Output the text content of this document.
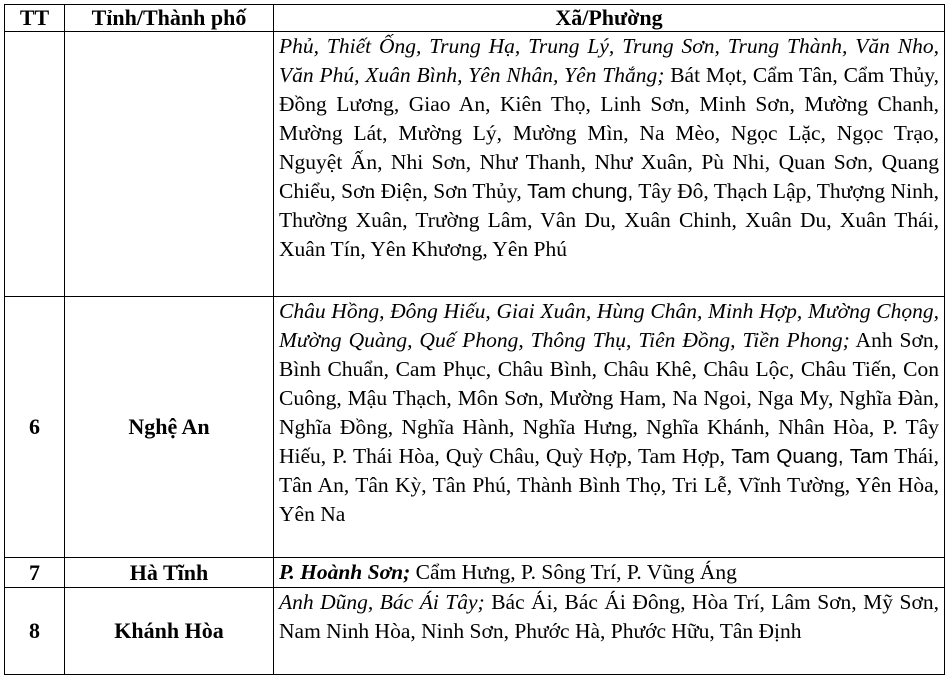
TT	Tỉnh/Thành phố	Xã/Phường
		Phủ, Thiết Ống, Trung Hạ, Trung Lý, Trung Sơn, Trung Thành, Văn Nho, Văn Phú, Xuân Bình, Yên Nhân, Yên Thắng; Bát Mọt, Cẩm Tân, Cẩm Thủy, Đồng Lương, Giao An, Kiên Thọ, Linh Sơn, Minh Sơn, Mường Chanh, Mường Lát, Mường Lý, Mường Mìn, Na Mèo, Ngọc Lặc, Ngọc Trạo, Nguyệt Ấn, Nhi Sơn, Như Thanh, Như Xuân, Pù Nhi, Quan Sơn, Quang Chiểu, Sơn Điện, Sơn Thủy, Tam chung, Tây Đô, Thạch Lập, Thượng Ninh, Thường Xuân, Trường Lâm, Vân Du, Xuân Chinh, Xuân Du, Xuân Thái, Xuân Tín, Yên Khương, Yên Phú
6	Nghệ An	Châu Hồng, Đông Hiếu, Giai Xuân, Hùng Chân, Minh Hợp, Mường Chọng, Mường Quàng, Quế Phong, Thông Thụ, Tiên Đồng, Tiền Phong; Anh Sơn, Bình Chuẩn, Cam Phục, Châu Bình, Châu Khê, Châu Lộc, Châu Tiến, Con Cuông, Mậu Thạch, Môn Sơn, Mường Ham, Na Ngoi, Nga My, Nghĩa Đàn, Nghĩa Đồng, Nghĩa Hành, Nghĩa Hưng, Nghĩa Khánh, Nhân Hòa, P. Tây Hiếu, P. Thái Hòa, Quỳ Châu, Quỳ Hợp, Tam Hợp, Tam Quang, Tam Thái, Tân An, Tân Kỳ, Tân Phú, Thành Bình Thọ, Tri Lễ, Vĩnh Tường, Yên Hòa, Yên Na
7	Hà Tĩnh	P. Hoành Sơn; Cẩm Hưng, P. Sông Trí, P. Vũng Áng
8	Khánh Hòa	Anh Dũng, Bác Ái Tây; Bác Ái, Bác Ái Đông, Hòa Trí, Lâm Sơn, Mỹ Sơn, Nam Ninh Hòa, Ninh Sơn, Phước Hà, Phước Hữu, Tân Định
